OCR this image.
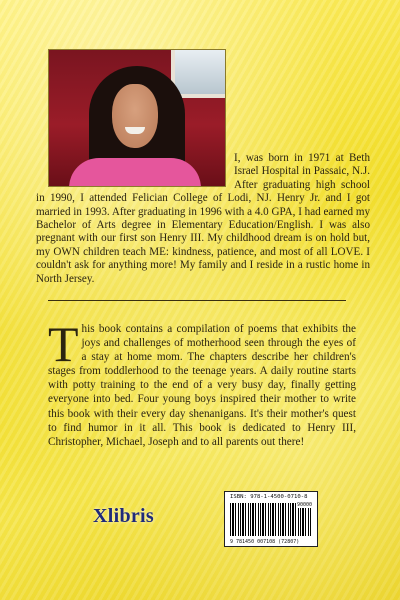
I, was born in 1971 at Beth Israel Hospital in Passaic, N.J. After graduating high school in 1990, I attended Felician College of Lodi, NJ. Henry Jr. and I got married in 1993. After graduating in 1996 with a 4.0 GPA, I had earned my Bachelor of Arts degree in Elementary Education/English. I was also pregnant with our first son Henry III. My childhood dream is on hold but, my OWN children teach ME: kindness, patience, and most of all LOVE. I couldn't ask for anything more! My family and I reside in a rustic home in North Jersey.
T his book contains a compilation of poems that exhibits the joys and challenges of motherhood seen through the eyes of a stay at home mom. The chapters describe her children's stages from toddlerhood to the teenage years. A daily routine starts with potty training to the end of a very busy day, finally getting everyone into bed. Four young boys inspired their mother to write this book with their every day shenanigans. It's their mother's quest to find humor in it all. This book is dedicated to Henry III, Christopher, Michael, Joseph and to all parents out there!
Xlibris
ISBN: 978-1-4500-0710-8
90000
9 781450 007108 (72807)
